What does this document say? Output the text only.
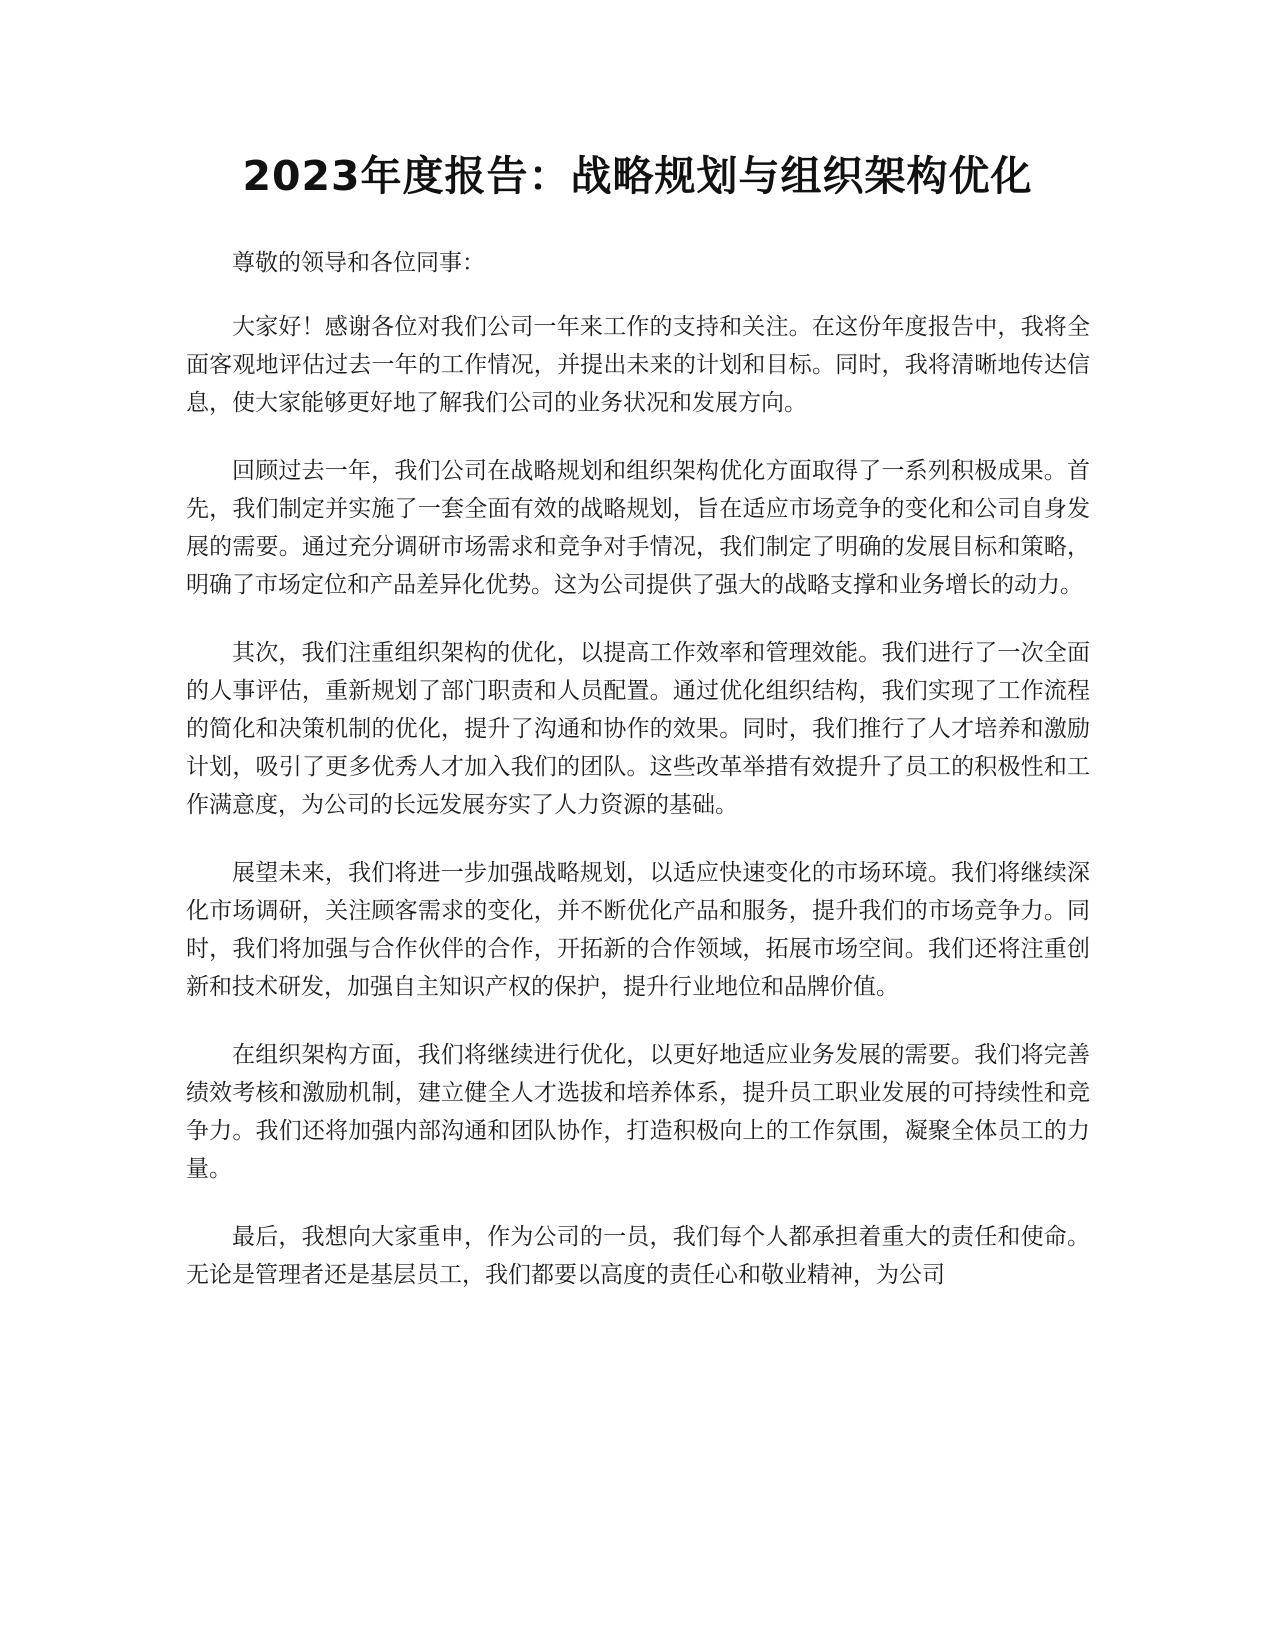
2023年度报告：战略规划与组织架构优化

尊敬的领导和各位同事：

大家好！感谢各位对我们公司一年来工作的支持和关注。在这份年度报告中，我将全面客观地评估过去一年的工作情况，并提出未来的计划和目标。同时，我将清晰地传达信息，使大家能够更好地了解我们公司的业务状况和发展方向。

回顾过去一年，我们公司在战略规划和组织架构优化方面取得了一系列积极成果。首先，我们制定并实施了一套全面有效的战略规划，旨在适应市场竞争的变化和公司自身发展的需要。通过充分调研市场需求和竞争对手情况，我们制定了明确的发展目标和策略，明确了市场定位和产品差异化优势。这为公司提供了强大的战略支撑和业务增长的动力。

其次，我们注重组织架构的优化，以提高工作效率和管理效能。我们进行了一次全面的人事评估，重新规划了部门职责和人员配置。通过优化组织结构，我们实现了工作流程的简化和决策机制的优化，提升了沟通和协作的效果。同时，我们推行了人才培养和激励计划，吸引了更多优秀人才加入我们的团队。这些改革举措有效提升了员工的积极性和工作满意度，为公司的长远发展夯实了人力资源的基础。

展望未来，我们将进一步加强战略规划，以适应快速变化的市场环境。我们将继续深化市场调研，关注顾客需求的变化，并不断优化产品和服务，提升我们的市场竞争力。同时，我们将加强与合作伙伴的合作，开拓新的合作领域，拓展市场空间。我们还将注重创新和技术研发，加强自主知识产权的保护，提升行业地位和品牌价值。

在组织架构方面，我们将继续进行优化，以更好地适应业务发展的需要。我们将完善绩效考核和激励机制，建立健全人才选拔和培养体系，提升员工职业发展的可持续性和竞争力。我们还将加强内部沟通和团队协作，打造积极向上的工作氛围，凝聚全体员工的力量。

最后，我想向大家重申，作为公司的一员，我们每个人都承担着重大的责任和使命。无论是管理者还是基层员工，我们都要以高度的责任心和敬业精神，为公司
